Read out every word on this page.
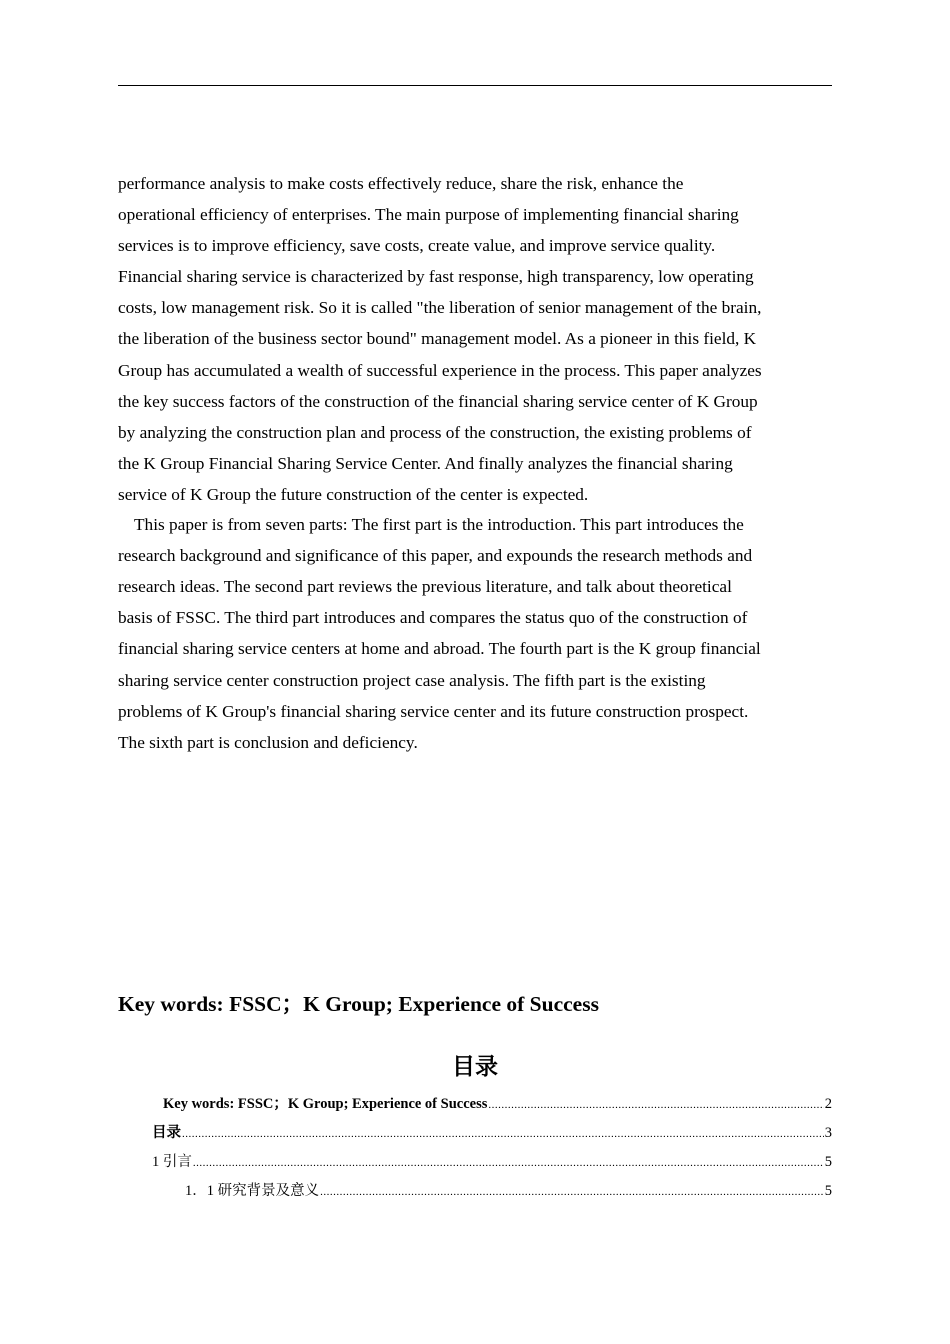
performance analysis to make costs effectively reduce, share the risk, enhance the
operational efficiency of enterprises. The main purpose of implementing financial sharing
services is to improve efficiency, save costs, create value, and improve service quality.
Financial sharing service is characterized by fast response, high transparency, low operating
costs, low management risk. So it is called "the liberation of senior management of the brain,
the liberation of the business sector bound" management model. As a pioneer in this field, K
Group has accumulated a wealth of successful experience in the process. This paper analyzes
the key success factors of the construction of the financial sharing service center of K Group
by analyzing the construction plan and process of the construction, the existing problems of
the K Group Financial Sharing Service Center. And finally analyzes the financial sharing
service of K Group the future construction of the center is expected.

This paper is from seven parts: The first part is the introduction. This part introduces the
research background and significance of this paper, and expounds the research methods and
research ideas. The second part reviews the previous literature, and talk about theoretical
basis of FSSC. The third part introduces and compares the status quo of the construction of
financial sharing service centers at home and abroad. The fourth part is the K group financial
sharing service center construction project case analysis. The fifth part is the existing
problems of K Group's financial sharing service center and its future construction prospect.
The sixth part is conclusion and deficiency.

Key words: FSSC；K Group; Experience of Success
目录
Key words: FSSC；K Group; Experience of Success .....	2
目录 .....	3
1 引言 .....	5
1．1 研究背景及意义 .....	5
